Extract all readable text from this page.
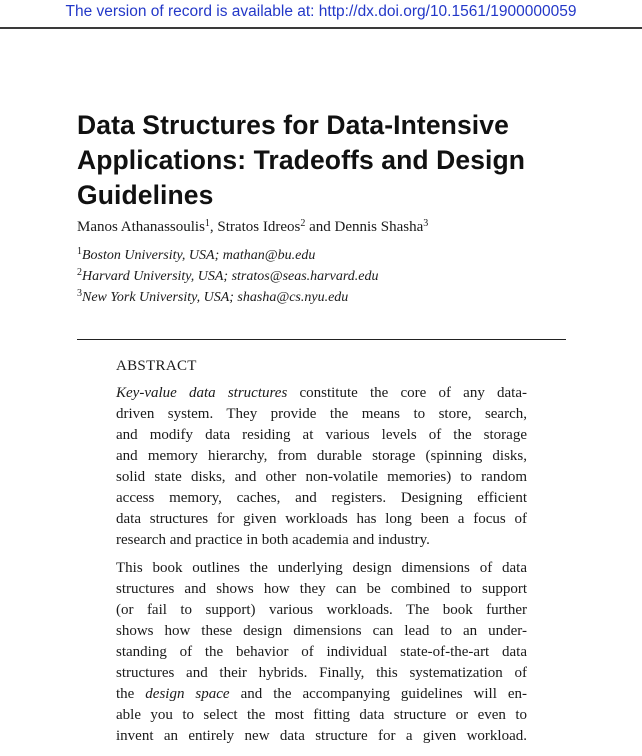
The version of record is available at: http://dx.doi.org/10.1561/1900000059
Data Structures for Data-Intensive
Applications: Tradeoffs and Design
Guidelines
Manos Athanassoulis$^1$, Stratos Idreos$^2$ and Dennis Shasha$^3$
$^1$Boston University, USA; mathan@bu.edu
$^2$Harvard University, USA; stratos@seas.harvard.edu
$^3$New York University, USA; shasha@cs.nyu.edu
ABSTRACT
Key-value data structures constitute the core of any data-
driven system. They provide the means to store, search,
and modify data residing at various levels of the storage
and memory hierarchy, from durable storage (spinning disks,
solid state disks, and other non-volatile memories) to random
access memory, caches, and registers. Designing efficient
data structures for given workloads has long been a focus of
research and practice in both academia and industry.
This book outlines the underlying design dimensions of data
structures and shows how they can be combined to support
(or fail to support) various workloads. The book further
shows how these design dimensions can lead to an under-
standing of the behavior of individual state-of-the-art data
structures and their hybrids. Finally, this systematization of
the design space and the accompanying guidelines will en-
able you to select the most fitting data structure or even to
invent an entirely new data structure for a given workload.
